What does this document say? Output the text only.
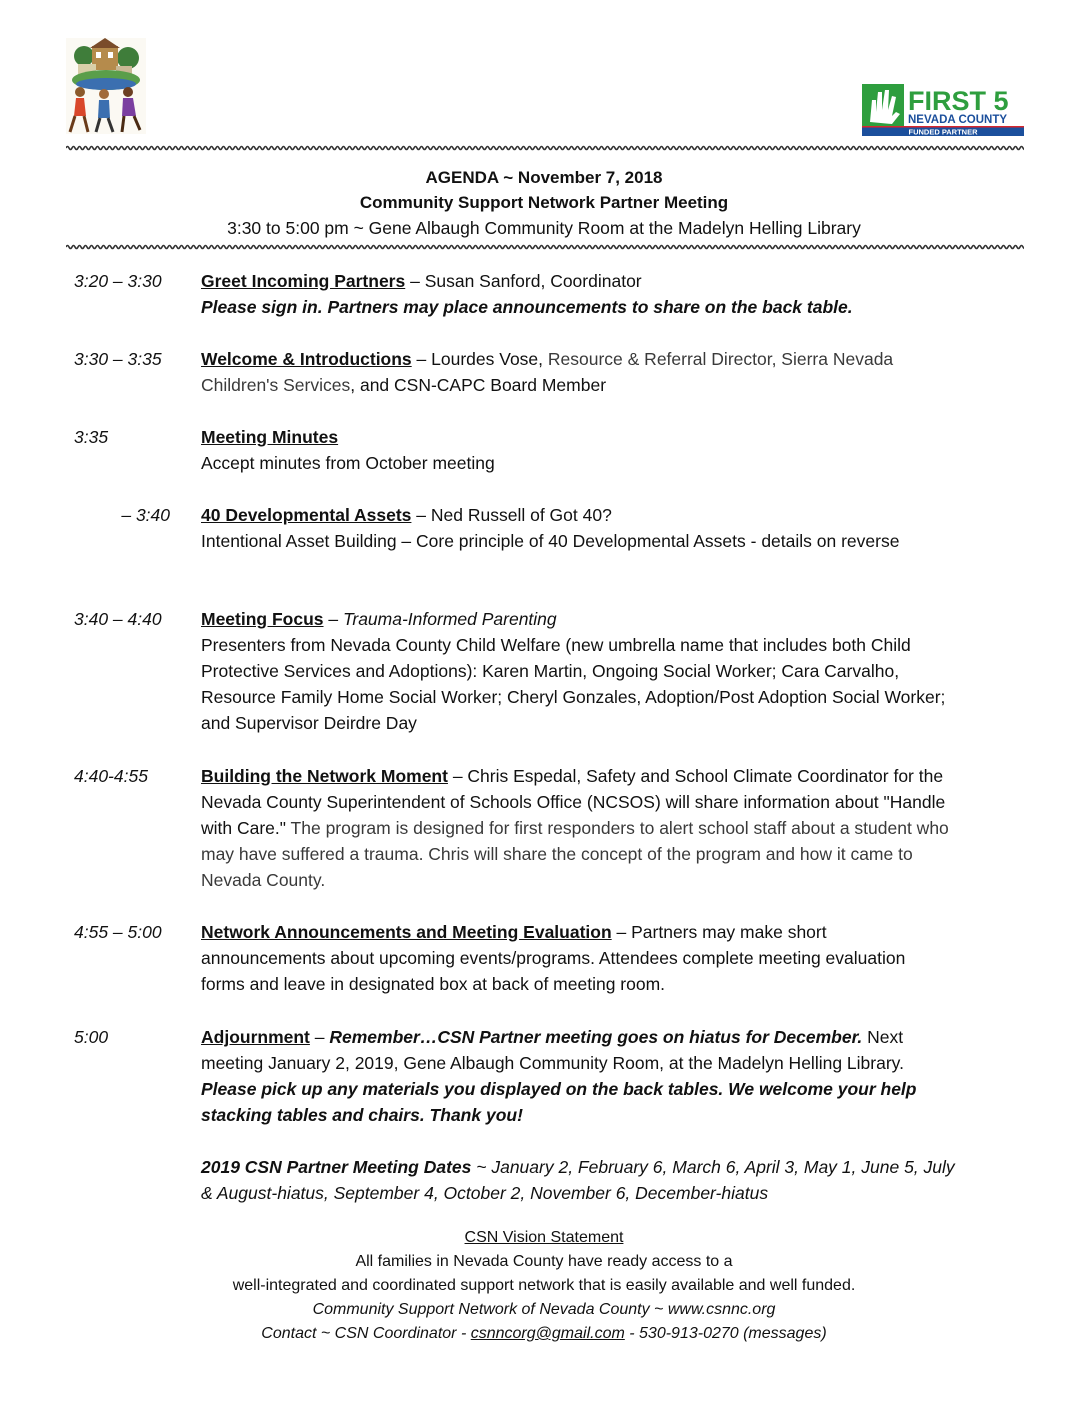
FIRST 5
NEVADA COUNTY
FUNDED PARTNER
AGENDA ~ November 7, 2018
Community Support Network Partner Meeting
3:30 to 5:00 pm ~ Gene Albaugh Community Room at the Madelyn Helling Library
3:20 – 3:30 Greet Incoming Partners – Susan Sanford, Coordinator
Please sign in. Partners may place announcements to share on the back table.
3:30 – 3:35 Welcome & Introductions – Lourdes Vose, Resource & Referral Director, Sierra Nevada Children's Services, and CSN-CAPC Board Member
3:35	Meeting Minutes
Accept minutes from October meeting
– 3:40 40 Developmental Assets – Ned Russell of Got 40?
Intentional Asset Building – Core principle of 40 Developmental Assets - details on reverse
3:40 – 4:40 Meeting Focus – Trauma-Informed Parenting
Presenters from Nevada County Child Welfare (new umbrella name that includes both Child Protective Services and Adoptions): Karen Martin, Ongoing Social Worker; Cara Carvalho, Resource Family Home Social Worker; Cheryl Gonzales, Adoption/Post Adoption Social Worker; and Supervisor Deirdre Day
4:40-4:55	Building the Network Moment – Chris Espedal, Safety and School Climate Coordinator for the Nevada County Superintendent of Schools Office (NCSOS) will share information about "Handle with Care." The program is designed for first responders to alert school staff about a student who may have suffered a trauma. Chris will share the concept of the program and how it came to Nevada County.
4:55 – 5:00 Network Announcements and Meeting Evaluation – Partners may make short announcements about upcoming events/programs. Attendees complete meeting evaluation forms and leave in designated box at back of meeting room.
5:00	Adjournment – Remember…CSN Partner meeting goes on hiatus for December. Next meeting January 2, 2019, Gene Albaugh Community Room, at the Madelyn Helling Library. Please pick up any materials you displayed on the back tables. We welcome your help stacking tables and chairs. Thank you!
2019 CSN Partner Meeting Dates ~ January 2, February 6, March 6, April 3, May 1, June 5, July & August-hiatus, September 4, October 2, November 6, December-hiatus
CSN Vision Statement
All families in Nevada County have ready access to a
well-integrated and coordinated support network that is easily available and well funded.
Community Support Network of Nevada County ~ www.csnnc.org
Contact ~ CSN Coordinator - csnncorg@gmail.com - 530-913-0270 (messages)
